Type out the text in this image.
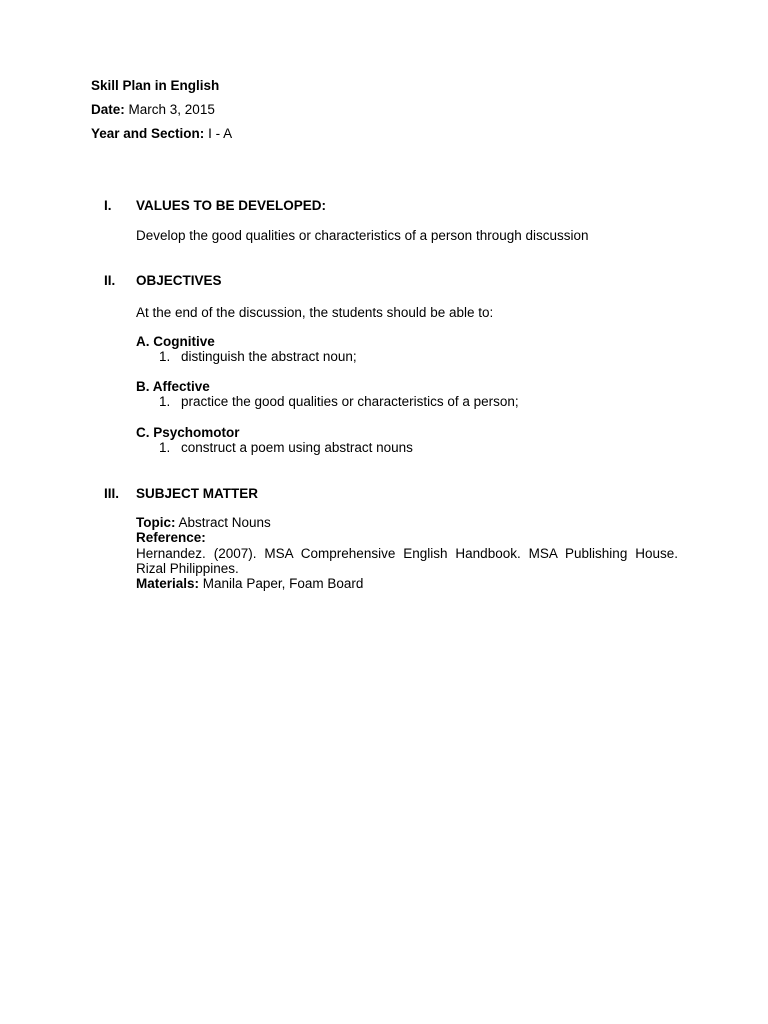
Skill Plan in English
Date: March 3, 2015
Year and Section: I - A
I. VALUES TO BE DEVELOPED:
Develop the good qualities or characteristics of a person through discussion
II. OBJECTIVES
At the end of the discussion, the students should be able to:
A. Cognitive
1. distinguish the abstract noun;
B. Affective
1. practice the good qualities or characteristics of a person;
C. Psychomotor
1. construct a poem using abstract nouns
III. SUBJECT MATTER
Topic: Abstract Nouns
Reference:
Hernandez. (2007). MSA Comprehensive English Handbook. MSA Publishing House. Rizal Philippines.
Materials: Manila Paper, Foam Board
